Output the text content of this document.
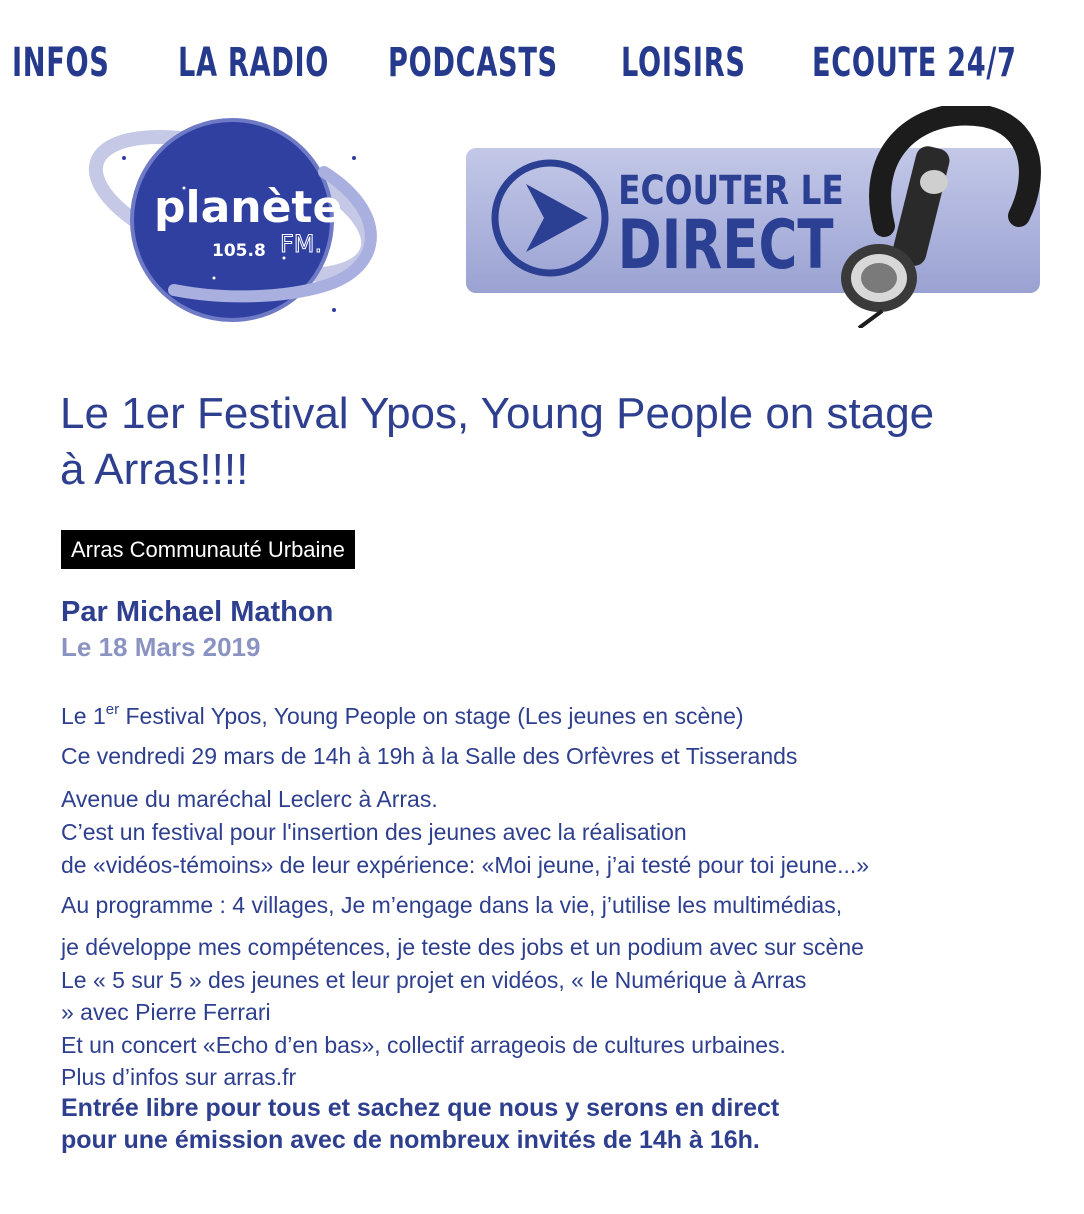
INFOS LA RADIO PODCASTS LOISIRS ECOUTE 24/7
planète
105.8 FM.
ECOUTER LE
DIRECT
Le 1er Festival Ypos, Young People on stage à Arras!!!!
Arras Communauté Urbaine
Par Michael Mathon
Le 18 Mars 2019
Le 1er Festival Ypos, Young People on stage (Les jeunes en scène)
Ce vendredi 29 mars de 14h à 19h à la Salle des Orfèvres et Tisserands
Avenue du maréchal Leclerc à Arras.
C’est un festival pour l'insertion des jeunes avec la réalisation
de «vidéos-témoins» de leur expérience: «Moi jeune, j’ai testé pour toi jeune...»
Au programme : 4 villages, Je m’engage dans la vie, j’utilise les multimédias,
je développe mes compétences, je teste des jobs et un podium avec sur scène
Le « 5 sur 5 » des jeunes et leur projet en vidéos, « le Numérique à Arras
» avec Pierre Ferrari
Et un concert «Echo d’en bas», collectif arrageois de cultures urbaines.
Plus d’infos sur arras.fr
Entrée libre pour tous et sachez que nous y serons en direct
pour une émission avec de nombreux invités de 14h à 16h.
